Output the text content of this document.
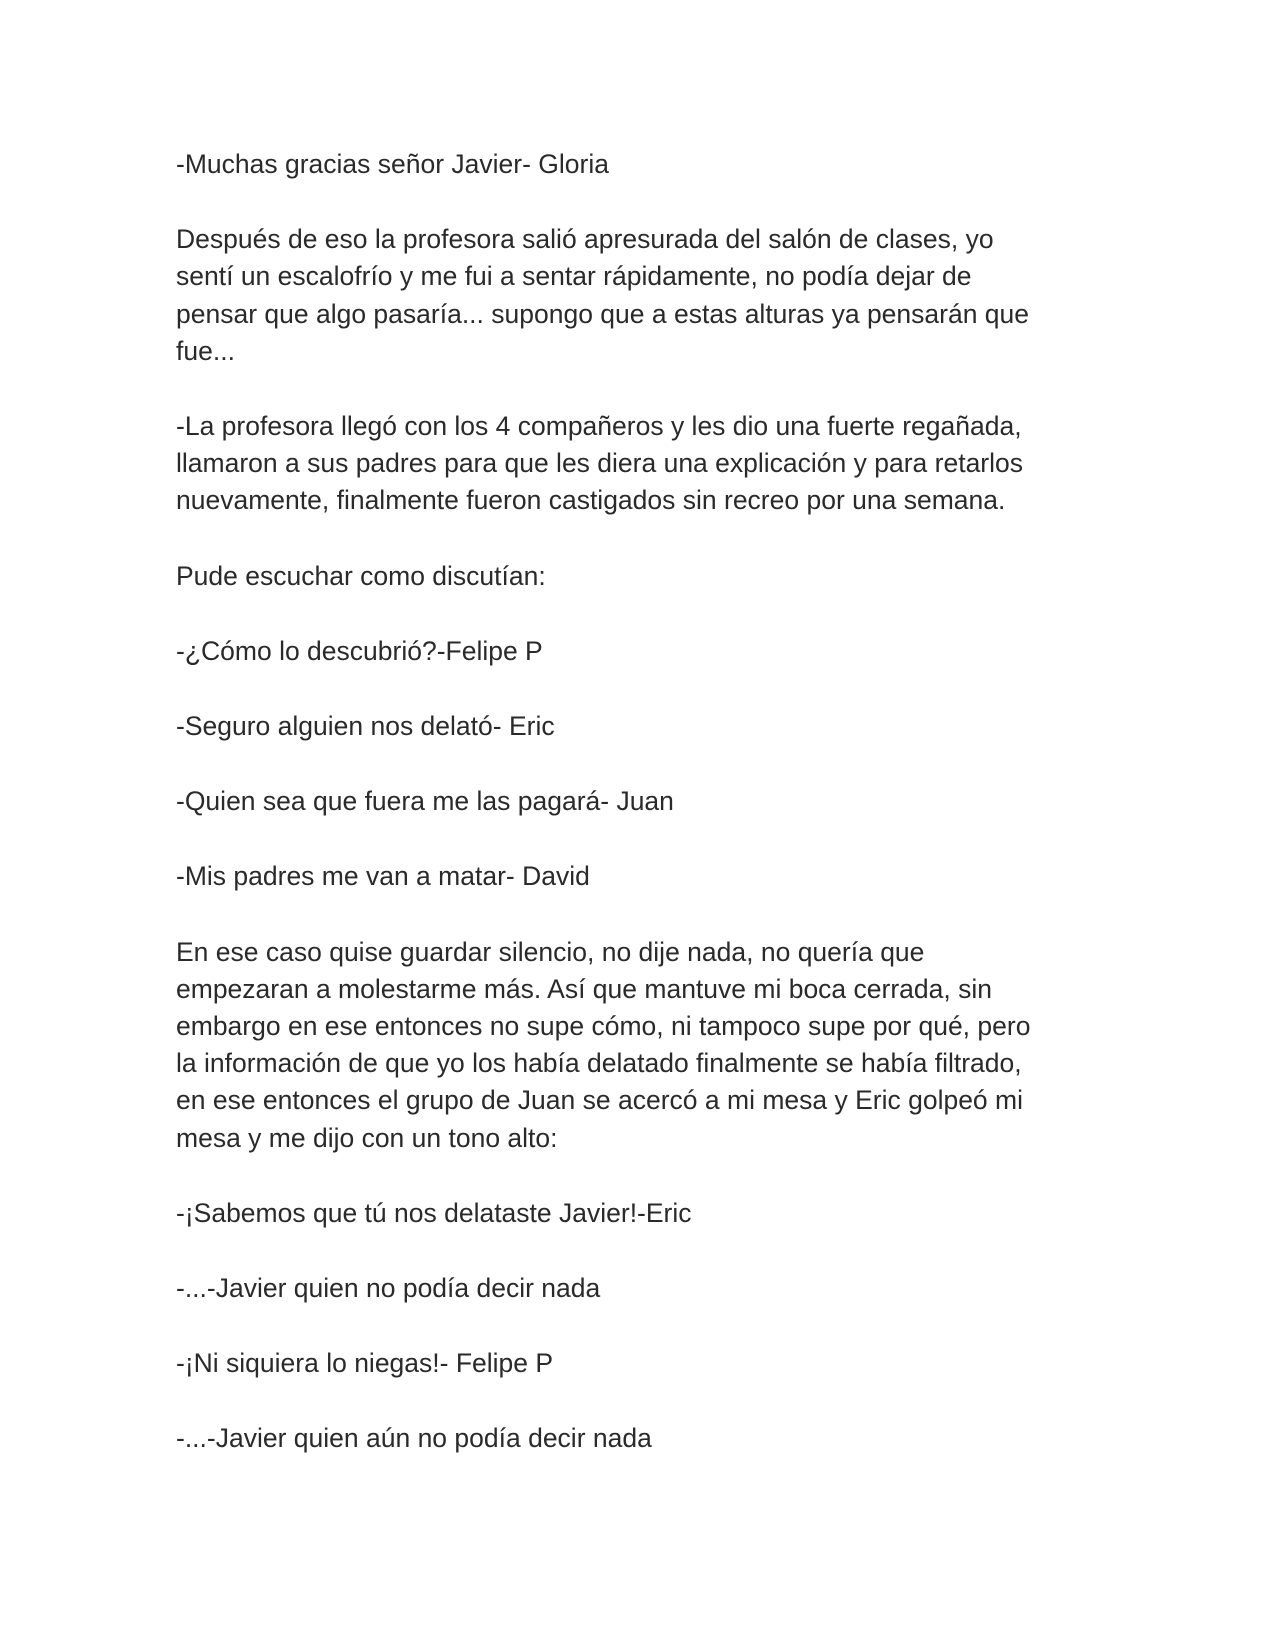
-Muchas gracias señor Javier- Gloria

Después de eso la profesora salió apresurada del salón de clases, yo
sentí un escalofrío y me fui a sentar rápidamente, no podía dejar de
pensar que algo pasaría... supongo que a estas alturas ya pensarán que
fue...

-La profesora llegó con los 4 compañeros y les dio una fuerte regañada,
llamaron a sus padres para que les diera una explicación y para retarlos
nuevamente, finalmente fueron castigados sin recreo por una semana.

Pude escuchar como discutían:

-¿Cómo lo descubrió?-Felipe P

-Seguro alguien nos delató- Eric

-Quien sea que fuera me las pagará- Juan

-Mis padres me van a matar- David

En ese caso quise guardar silencio, no dije nada, no quería que
empezaran a molestarme más. Así que mantuve mi boca cerrada, sin
embargo en ese entonces no supe cómo, ni tampoco supe por qué, pero
la información de que yo los había delatado finalmente se había filtrado,
en ese entonces el grupo de Juan se acercó a mi mesa y Eric golpeó mi
mesa y me dijo con un tono alto:

-¡Sabemos que tú nos delataste Javier!-Eric

-...-Javier quien no podía decir nada

-¡Ni siquiera lo niegas!- Felipe P

-...-Javier quien aún no podía decir nada
